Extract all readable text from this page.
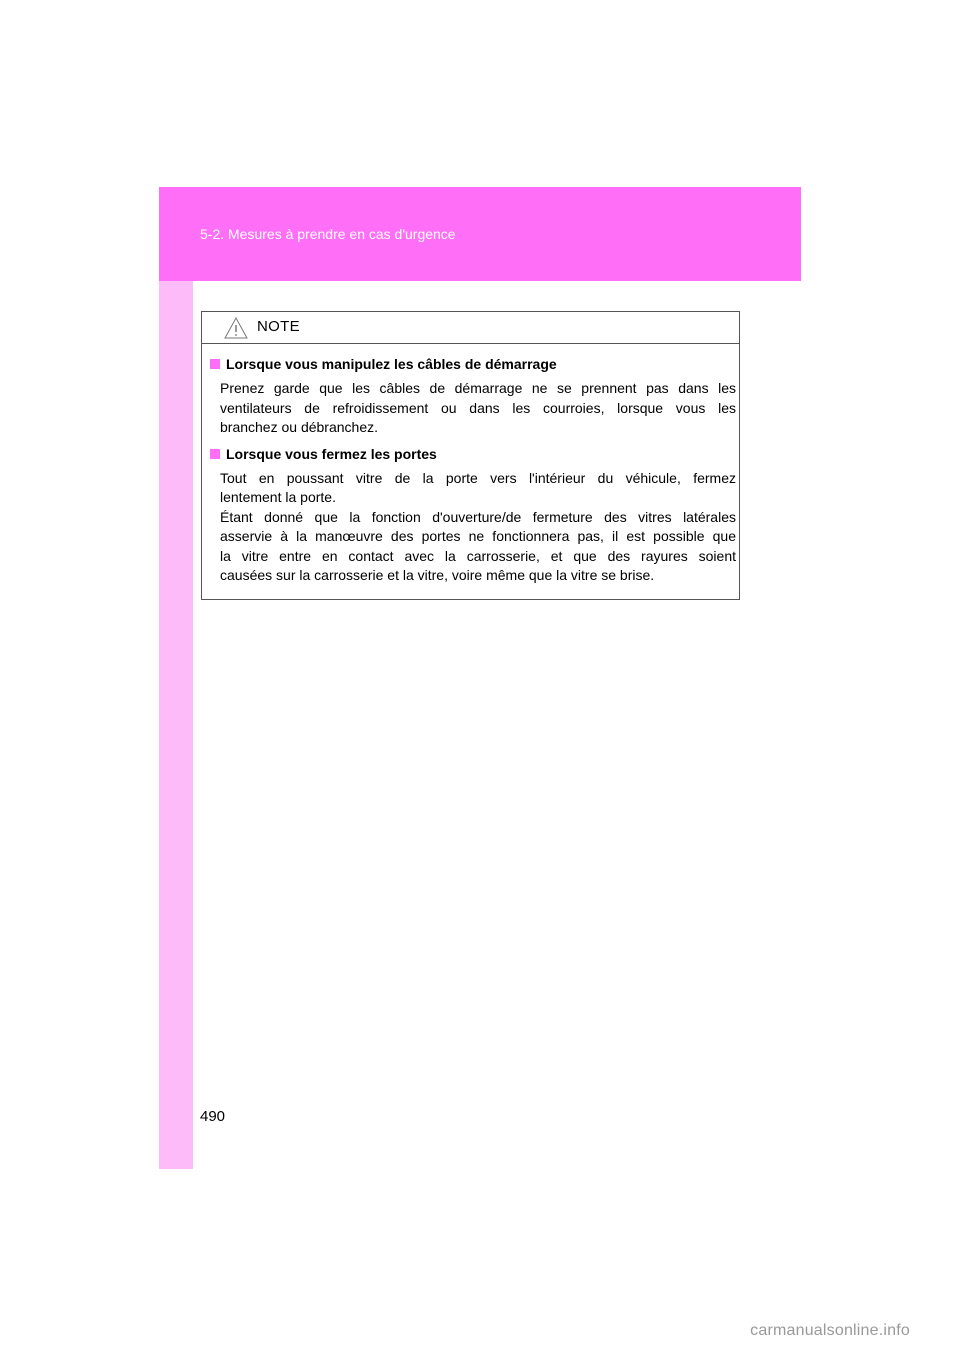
5-2. Mesures à prendre en cas d'urgence
NOTE
Lorsque vous manipulez les câbles de démarrage
Prenez garde que les câbles de démarrage ne se prennent pas dans les
ventilateurs de refroidissement ou dans les courroies, lorsque vous les
branchez ou débranchez.
Lorsque vous fermez les portes
Tout en poussant vitre de la porte vers l'intérieur du véhicule, fermez
lentement la porte.
Étant donné que la fonction d'ouverture/de fermeture des vitres latérales
asservie à la manœuvre des portes ne fonctionnera pas, il est possible que
la vitre entre en contact avec la carrosserie, et que des rayures soient
causées sur la carrosserie et la vitre, voire même que la vitre se brise.
490
carmanualsonline.info
